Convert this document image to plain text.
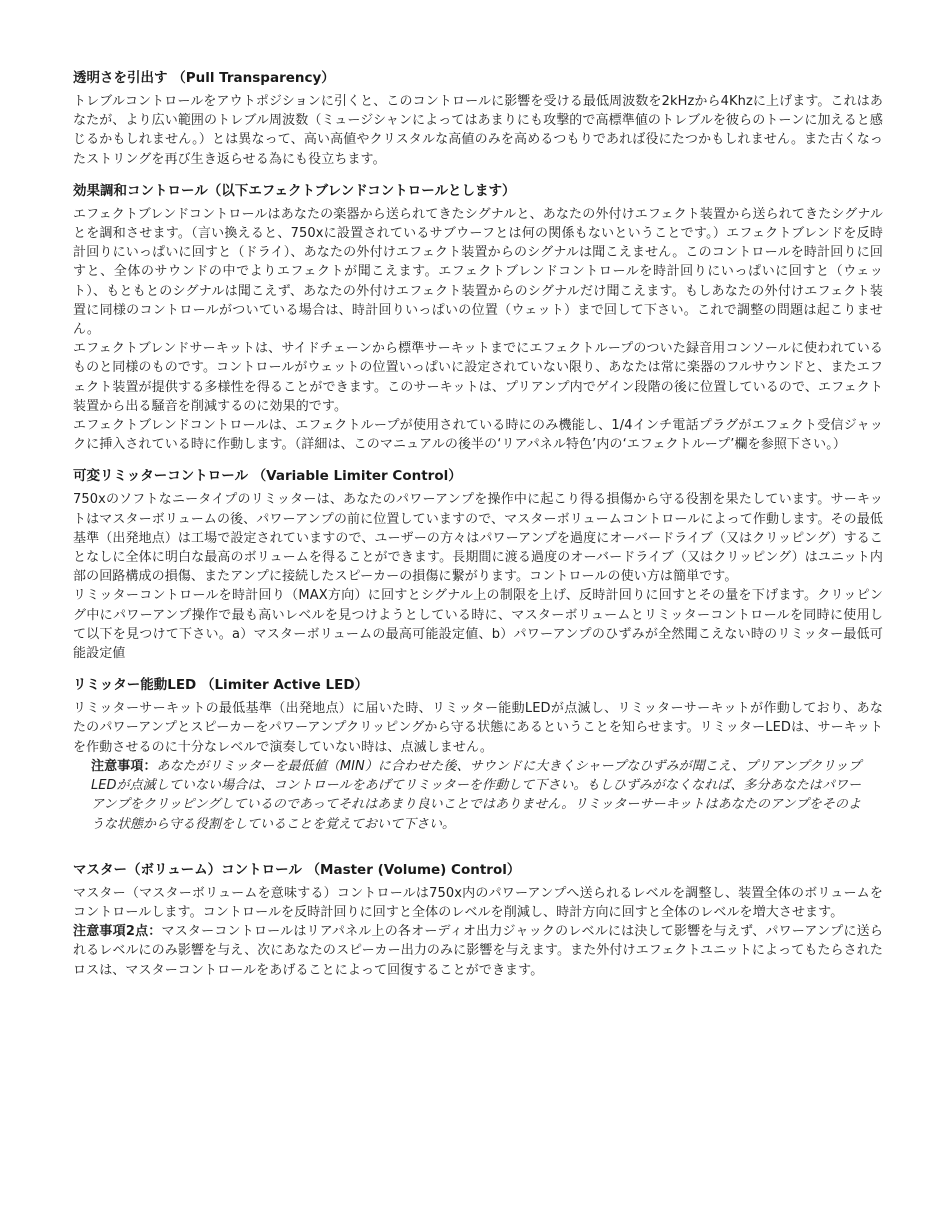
透明さを引出す （Pull Transparency）

トレブルコントロールをアウトポジションに引くと、このコントロールに影響を受ける最低周波数を2kHzから4Khzに上げます。これはあなたが、より広い範囲のトレブル周波数（ミュージシャンによってはあまりにも攻撃的で高標準値のトレブルを彼らのトーンに加えると感じるかもしれません。）とは異なって、高い高値やクリスタルな高値のみを高めるつもりであれば役にたつかもしれません。また古くなったストリングを再び生き返らせる為にも役立ちます。

効果調和コントロール（以下エフェクトブレンドコントロールとします）

エフェクトブレンドコントロールはあなたの楽器から送られてきたシグナルと、あなたの外付けエフェクト装置から送られてきたシグナルとを調和させます。（言い換えると、750xに設置されているサブウーフとは何の関係もないということです。）エフェクトブレンドを反時計回りにいっぱいに回すと（ドライ）、あなたの外付けエフェクト装置からのシグナルは聞こえません。このコントロールを時計回りに回すと、全体のサウンドの中でよりエフェクトが聞こえます。エフェクトブレンドコントロールを時計回りにいっぱいに回すと（ウェット）、もともとのシグナルは聞こえず、あなたの外付けエフェクト装置からのシグナルだけ聞こえます。もしあなたの外付けエフェクト装置に同様のコントロールがついている場合は、時計回りいっぱいの位置（ウェット）まで回して下さい。これで調整の問題は起こりません。

エフェクトブレンドサーキットは、サイドチェーンから標準サーキットまでにエフェクトループのついた録音用コンソールに使われているものと同様のものです。コントロールがウェットの位置いっぱいに設定されていない限り、あなたは常に楽器のフルサウンドと、またエフェクト装置が提供する多様性を得ることができます。このサーキットは、プリアンプ内でゲイン段階の後に位置しているので、エフェクト装置から出る騒音を削減するのに効果的です。

エフェクトブレンドコントロールは、エフェクトループが使用されている時にのみ機能し、1/4インチ電話プラグがエフェクト受信ジャックに挿入されている時に作動します。（詳細は、このマニュアルの後半の‘リアパネル特色’内の‘エフェクトループ’欄を参照下さい。）

可変リミッターコントロール （Variable Limiter Control）

750xのソフトなニータイプのリミッターは、あなたのパワーアンプを操作中に起こり得る損傷から守る役割を果たしています。サーキットはマスターボリュームの後、パワーアンプの前に位置していますので、マスターボリュームコントロールによって作動します。その最低基準（出発地点）は工場で設定されていますので、ユーザーの方々はパワーアンプを過度にオーバードライブ（又はクリッピング）することなしに全体に明白な最高のボリュームを得ることができます。長期間に渡る過度のオーバードライブ（又はクリッピング）はユニット内部の回路構成の損傷、またアンプに接続したスピーカーの損傷に繋がります。コントロールの使い方は簡単です。

リミッターコントロールを時計回り（MAX方向）に回すとシグナル上の制限を上げ、反時計回りに回すとその量を下げます。クリッピング中にパワーアンプ操作で最も高いレベルを見つけようとしている時に、マスターボリュームとリミッターコントロールを同時に使用して以下を見つけて下さい。a）マスターボリュームの最高可能設定値、b）パワーアンプのひずみが全然聞こえない時のリミッター最低可能設定値

リミッター能動LED （Limiter Active LED）

リミッターサーキットの最低基準（出発地点）に届いた時、リミッター能動LEDが点滅し、リミッターサーキットが作動しており、あなたのパワーアンプとスピーカーをパワーアンプクリッピングから守る状態にあるということを知らせます。リミッターLEDは、サーキットを作動させるのに十分なレベルで演奏していない時は、点滅しません。

注意事項：あなたがリミッターを最低値（MIN）に合わせた後、サウンドに大きくシャープなひずみが聞こえ、プリアンプクリップLEDが点滅していない場合は、コントロールをあげてリミッターを作動して下さい。もしひずみがなくなれば、多分あなたはパワーアンプをクリッピングしているのであってそれはあまり良いことではありません。リミッターサーキットはあなたのアンプをそのような状態から守る役割をしていることを覚えておいて下さい。

マスター（ボリューム）コントロール （Master (Volume) Control）

マスター（マスターボリュームを意味する）コントロールは750x内のパワーアンプへ送られるレベルを調整し、装置全体のボリュームをコントロールします。コントロールを反時計回りに回すと全体のレベルを削減し、時計方向に回すと全体のレベルを増大させます。

注意事項2点：マスターコントロールはリアパネル上の各オーディオ出力ジャックのレベルには決して影響を与えず、パワーアンプに送られるレベルにのみ影響を与え、次にあなたのスピーカー出力のみに影響を与えます。また外付けエフェクトユニットによってもたらされたロスは、マスターコントロールをあげることによって回復することができます。
